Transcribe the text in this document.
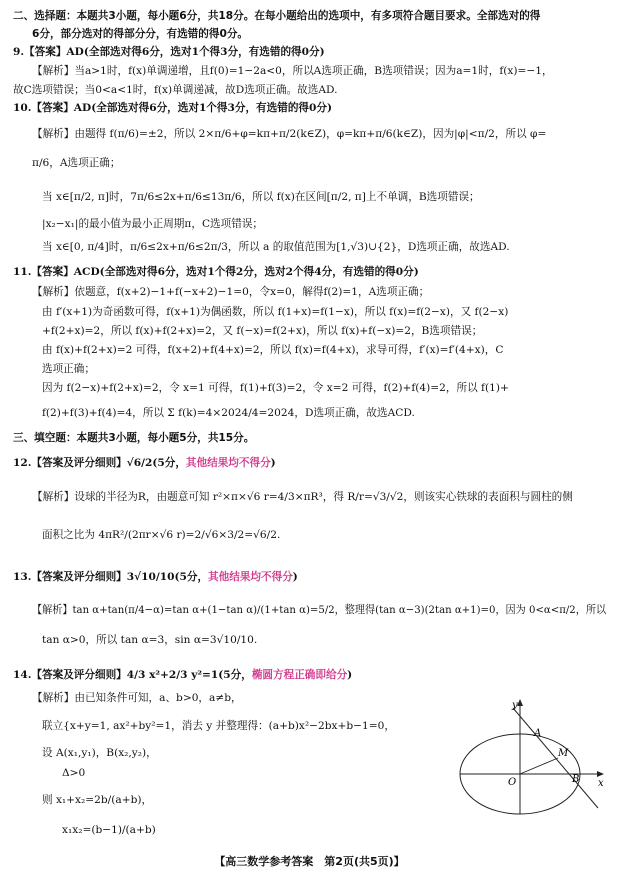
二、选择题：本题共3小题，每小题6分，共18分。在每小题给出的选项中，有多项符合题目要求。全部选对的得
6分，部分选对的得部分分，有选错的得0分。
9.【答案】AD(全部选对得6分，选对1个得3分，有选错的得0分)
【解析】当a>1时，f(x)单调递增，且f(0)=1−2a<0，所以A选项正确，B选项错误；因为a=1时，f(x)=−1，
故C选项错误；当0<a<1时，f(x)单调递减，故D选项正确。故选AD.
10.【答案】AD(全部选对得6分，选对1个得3分，有选错的得0分)
【解析】由题得 f(π/6)=±2，所以 2×π/6+φ=kπ+π/2(k∈Z)，φ=kπ+π/6(k∈Z)，因为|φ|<π/2，所以 φ=
π/6，A选项正确；
当 x∈[π/2, π]时，7π/6≤2x+π/6≤13π/6，所以 f(x)在区间[π/2, π]上不单调，B选项错误；
|x₂−x₁|的最小值为最小正周期π，C选项错误；
当 x∈[0, π/4]时，π/6≤2x+π/6≤2π/3，所以 a 的取值范围为[1,√3)∪{2}，D选项正确，故选AD.
11.【答案】ACD(全部选对得6分，选对1个得2分，选对2个得4分，有选错的得0分)
【解析】依题意，f(x+2)−1+f(−x+2)−1=0，令x=0，解得f(2)=1，A选项正确；
由 f′(x+1)为奇函数可得，f(x+1)为偶函数，所以 f(1+x)=f(1−x)，所以 f(x)=f(2−x)，又 f(2−x)
+f(2+x)=2，所以 f(x)+f(2+x)=2，又 f(−x)=f(2+x)，所以 f(x)+f(−x)=2，B选项错误；
由 f(x)+f(2+x)=2 可得，f(x+2)+f(4+x)=2，所以 f(x)=f(4+x)，求导可得，f′(x)=f′(4+x)，C
选项正确；
因为 f(2−x)+f(2+x)=2，令 x=1 可得，f(1)+f(3)=2，令 x=2 可得，f(2)+f(4)=2，所以 f(1)+
f(2)+f(3)+f(4)=4，所以 Σ f(k)=4×2024/4=2024，D选项正确，故选ACD.
三、填空题：本题共3小题，每小题5分，共15分。
12.【答案及评分细则】√6/2(5分，其他结果均不得分)
【解析】设球的半径为R，由题意可知 r²×π×√6 r=4/3×πR³，得 R/r=√3/√2，则该实心铁球的表面积与圆柱的侧
面积之比为 4πR²/(2πr×√6 r)=2/√6×3/2=√6/2.
13.【答案及评分细则】3√10/10(5分，其他结果均不得分)
【解析】tan α+tan(π/4−α)=tan α+(1−tan α)/(1+tan α)=5/2，整理得(tan α−3)(2tan α+1)=0，因为 0<α<π/2，所以
tan α>0，所以 tan α=3，sin α=3√10/10.
14.【答案及评分细则】4/3 x²+2/3 y²=1(5分，椭圆方程正确即给分)
【解析】由已知条件可知，a、b>0，a≠b，
联立{x+y=1, ax²+by²=1，消去 y 并整理得：(a+b)x²−2bx+b−1=0，
设 A(x₁,y₁)，B(x₂,y₂)，
Δ>0
则 x₁+x₂=2b/(a+b)，
x₁x₂=(b−1)/(a+b)
y
x
A
M
B
O
【高三数学参考答案　第2页(共5页)】
